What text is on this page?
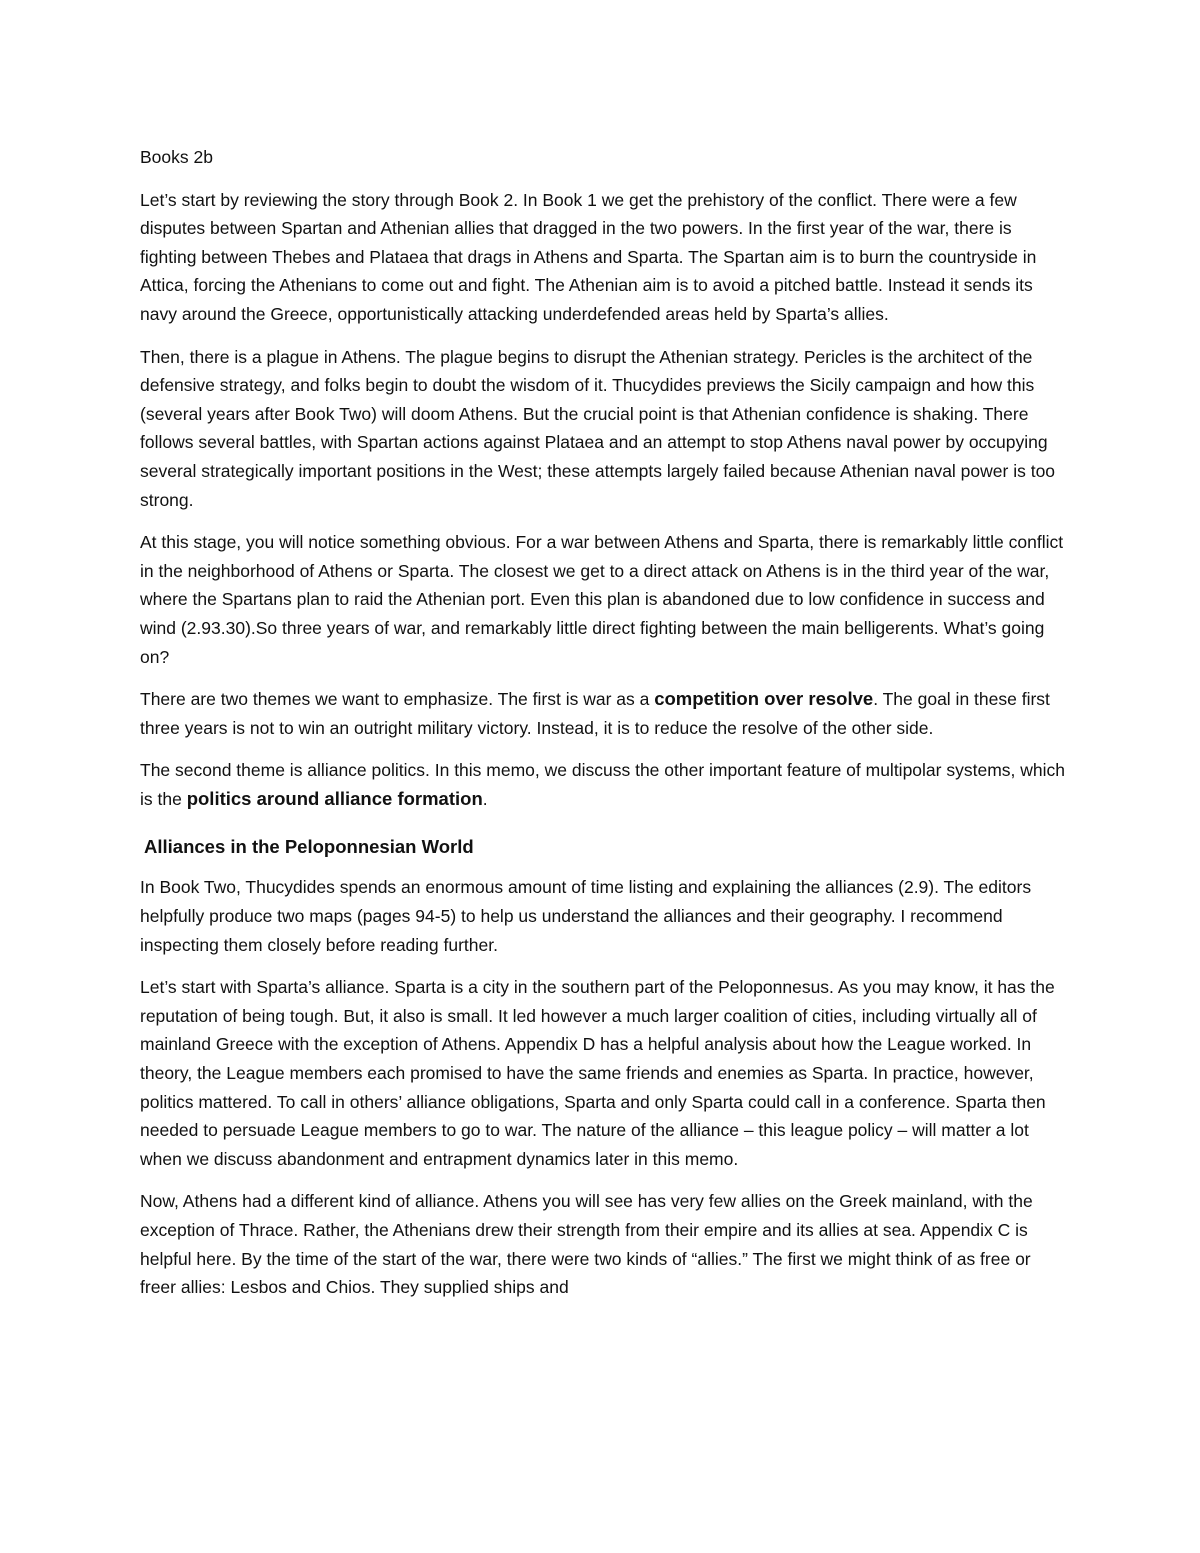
Books 2b

Let’s start by reviewing the story through Book 2. In Book 1 we get the prehistory of the conflict. There were a few disputes between Spartan and Athenian allies that dragged in the two powers. In the first year of the war, there is fighting between Thebes and Plataea that drags in Athens and Sparta. The Spartan aim is to burn the countryside in Attica, forcing the Athenians to come out and fight. The Athenian aim is to avoid a pitched battle. Instead it sends its navy around the Greece, opportunistically attacking underdefended areas held by Sparta’s allies.

Then, there is a plague in Athens. The plague begins to disrupt the Athenian strategy. Pericles is the architect of the defensive strategy, and folks begin to doubt the wisdom of it. Thucydides previews the Sicily campaign and how this (several years after Book Two) will doom Athens. But the crucial point is that Athenian confidence is shaking. There follows several battles, with Spartan actions against Plataea and an attempt to stop Athens naval power by occupying several strategically important positions in the West; these attempts largely failed because Athenian naval power is too strong.

At this stage, you will notice something obvious. For a war between Athens and Sparta, there is remarkably little conflict in the neighborhood of Athens or Sparta. The closest we get to a direct attack on Athens is in the third year of the war, where the Spartans plan to raid the Athenian port. Even this plan is abandoned due to low confidence in success and wind (2.93.30).So three years of war, and remarkably little direct fighting between the main belligerents. What’s going on?

There are two themes we want to emphasize. The first is war as a competition over resolve. The goal in these first three years is not to win an outright military victory. Instead, it is to reduce the resolve of the other side.

The second theme is alliance politics. In this memo, we discuss the other important feature of multipolar systems, which is the politics around alliance formation.

Alliances in the Peloponnesian World

In Book Two, Thucydides spends an enormous amount of time listing and explaining the alliances (2.9). The editors helpfully produce two maps (pages 94-5) to help us understand the alliances and their geography. I recommend inspecting them closely before reading further.

Let’s start with Sparta’s alliance. Sparta is a city in the southern part of the Peloponnesus. As you may know, it has the reputation of being tough. But, it also is small. It led however a much larger coalition of cities, including virtually all of mainland Greece with the exception of Athens. Appendix D has a helpful analysis about how the League worked. In theory, the League members each promised to have the same friends and enemies as Sparta. In practice, however, politics mattered. To call in others’ alliance obligations, Sparta and only Sparta could call in a conference. Sparta then needed to persuade League members to go to war. The nature of the alliance – this league policy – will matter a lot when we discuss abandonment and entrapment dynamics later in this memo.

Now, Athens had a different kind of alliance. Athens you will see has very few allies on the Greek mainland, with the exception of Thrace. Rather, the Athenians drew their strength from their empire and its allies at sea. Appendix C is helpful here. By the time of the start of the war, there were two kinds of “allies.” The first we might think of as free or freer allies: Lesbos and Chios. They supplied ships and
